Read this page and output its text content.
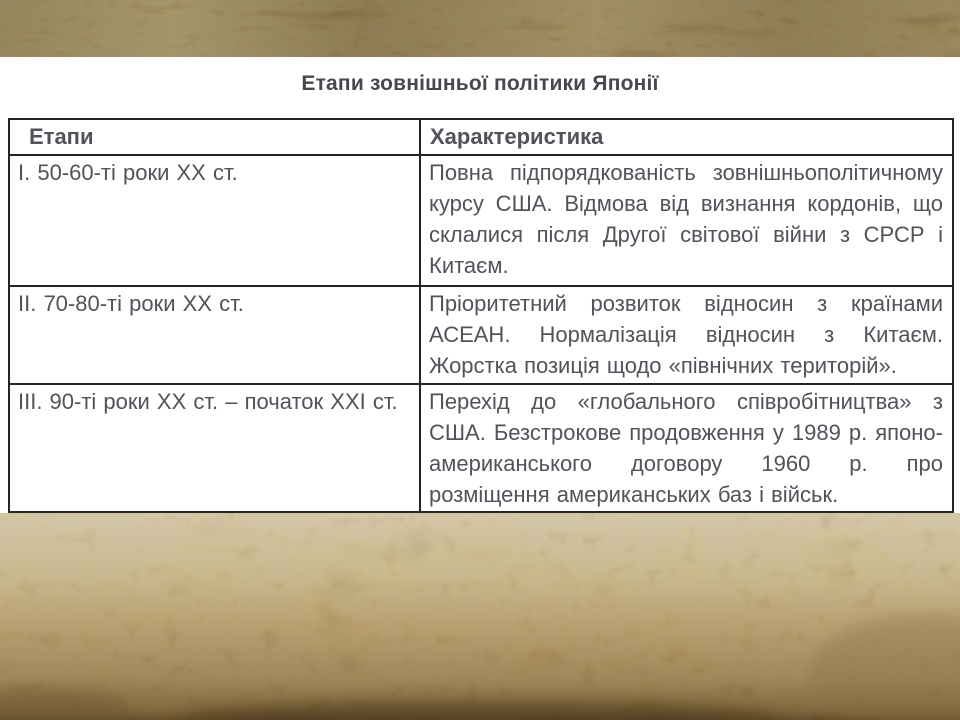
Етапи зовнішньої політики Японії
Етапи	Характеристика
I. 50-60-ті роки XX ст.	Повна підпорядкованість зовнішньополітичному курсу США. Відмова від визнання кордонів, що склалися після Другої світової війни з СРСР і Китаєм.
II. 70-80-ті роки XX ст.	Пріоритетний розвиток відносин з країнами АСЕАН. Нормалізація відносин з Китаєм. Жорстка позиція щодо «північних територій».
III. 90-ті роки XX ст. – початок XXI ст.	Перехід до «глобального співробітництва» з США. Безстрокове продовження у 1989 р. японо-американського договору 1960 р. про розміщення американських баз і військ.
